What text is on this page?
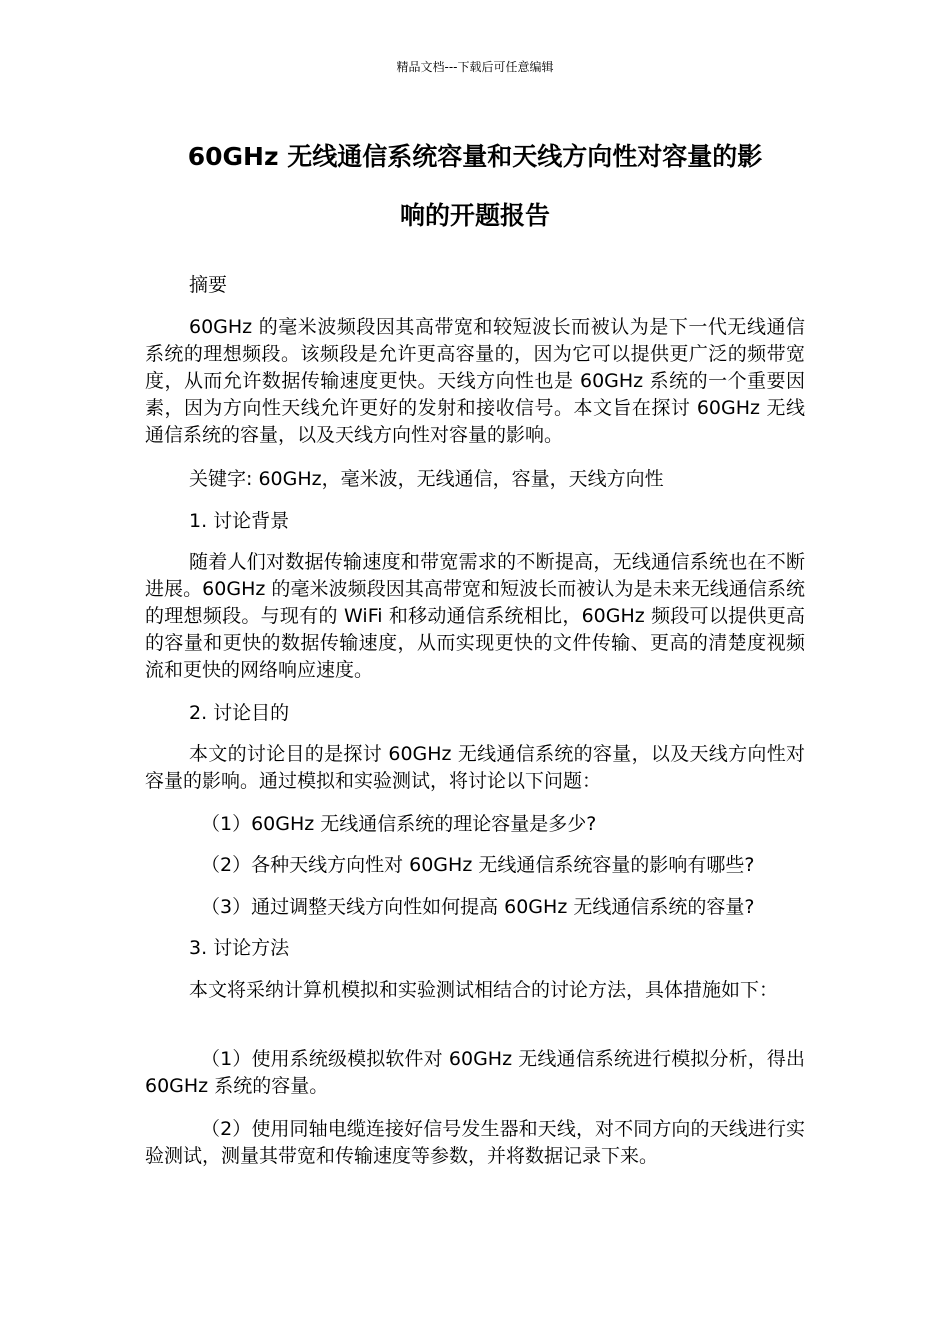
精品文档---下载后可任意编辑
60GHz 无线通信系统容量和天线方向性对容量的影
响的开题报告

摘要

60GHz 的毫米波频段因其高带宽和较短波长而被认为是下一代无线通信系统的理想频段。该频段是允许更高容量的，因为它可以提供更广泛的频带宽度，从而允许数据传输速度更快。天线方向性也是 60GHz 系统的一个重要因素，因为方向性天线允许更好的发射和接收信号。本文旨在探讨 60GHz 无线通信系统的容量，以及天线方向性对容量的影响。

关键字: 60GHz，毫米波，无线通信，容量，天线方向性

1. 讨论背景

随着人们对数据传输速度和带宽需求的不断提高，无线通信系统也在不断进展。60GHz 的毫米波频段因其高带宽和短波长而被认为是未来无线通信系统的理想频段。与现有的 WiFi 和移动通信系统相比，60GHz 频段可以提供更高的容量和更快的数据传输速度，从而实现更快的文件传输、更高的清楚度视频流和更快的网络响应速度。

2. 讨论目的

本文的讨论目的是探讨 60GHz 无线通信系统的容量，以及天线方向性对容量的影响。通过模拟和实验测试，将讨论以下问题：

（1）60GHz 无线通信系统的理论容量是多少?

（2）各种天线方向性对 60GHz 无线通信系统容量的影响有哪些?

（3）通过调整天线方向性如何提高 60GHz 无线通信系统的容量?

3. 讨论方法

本文将采纳计算机模拟和实验测试相结合的讨论方法，具体措施如下：

（1）使用系统级模拟软件对 60GHz 无线通信系统进行模拟分析，得出 60GHz 系统的容量。

（2）使用同轴电缆连接好信号发生器和天线，对不同方向的天线进行实验测试，测量其带宽和传输速度等参数，并将数据记录下来。
